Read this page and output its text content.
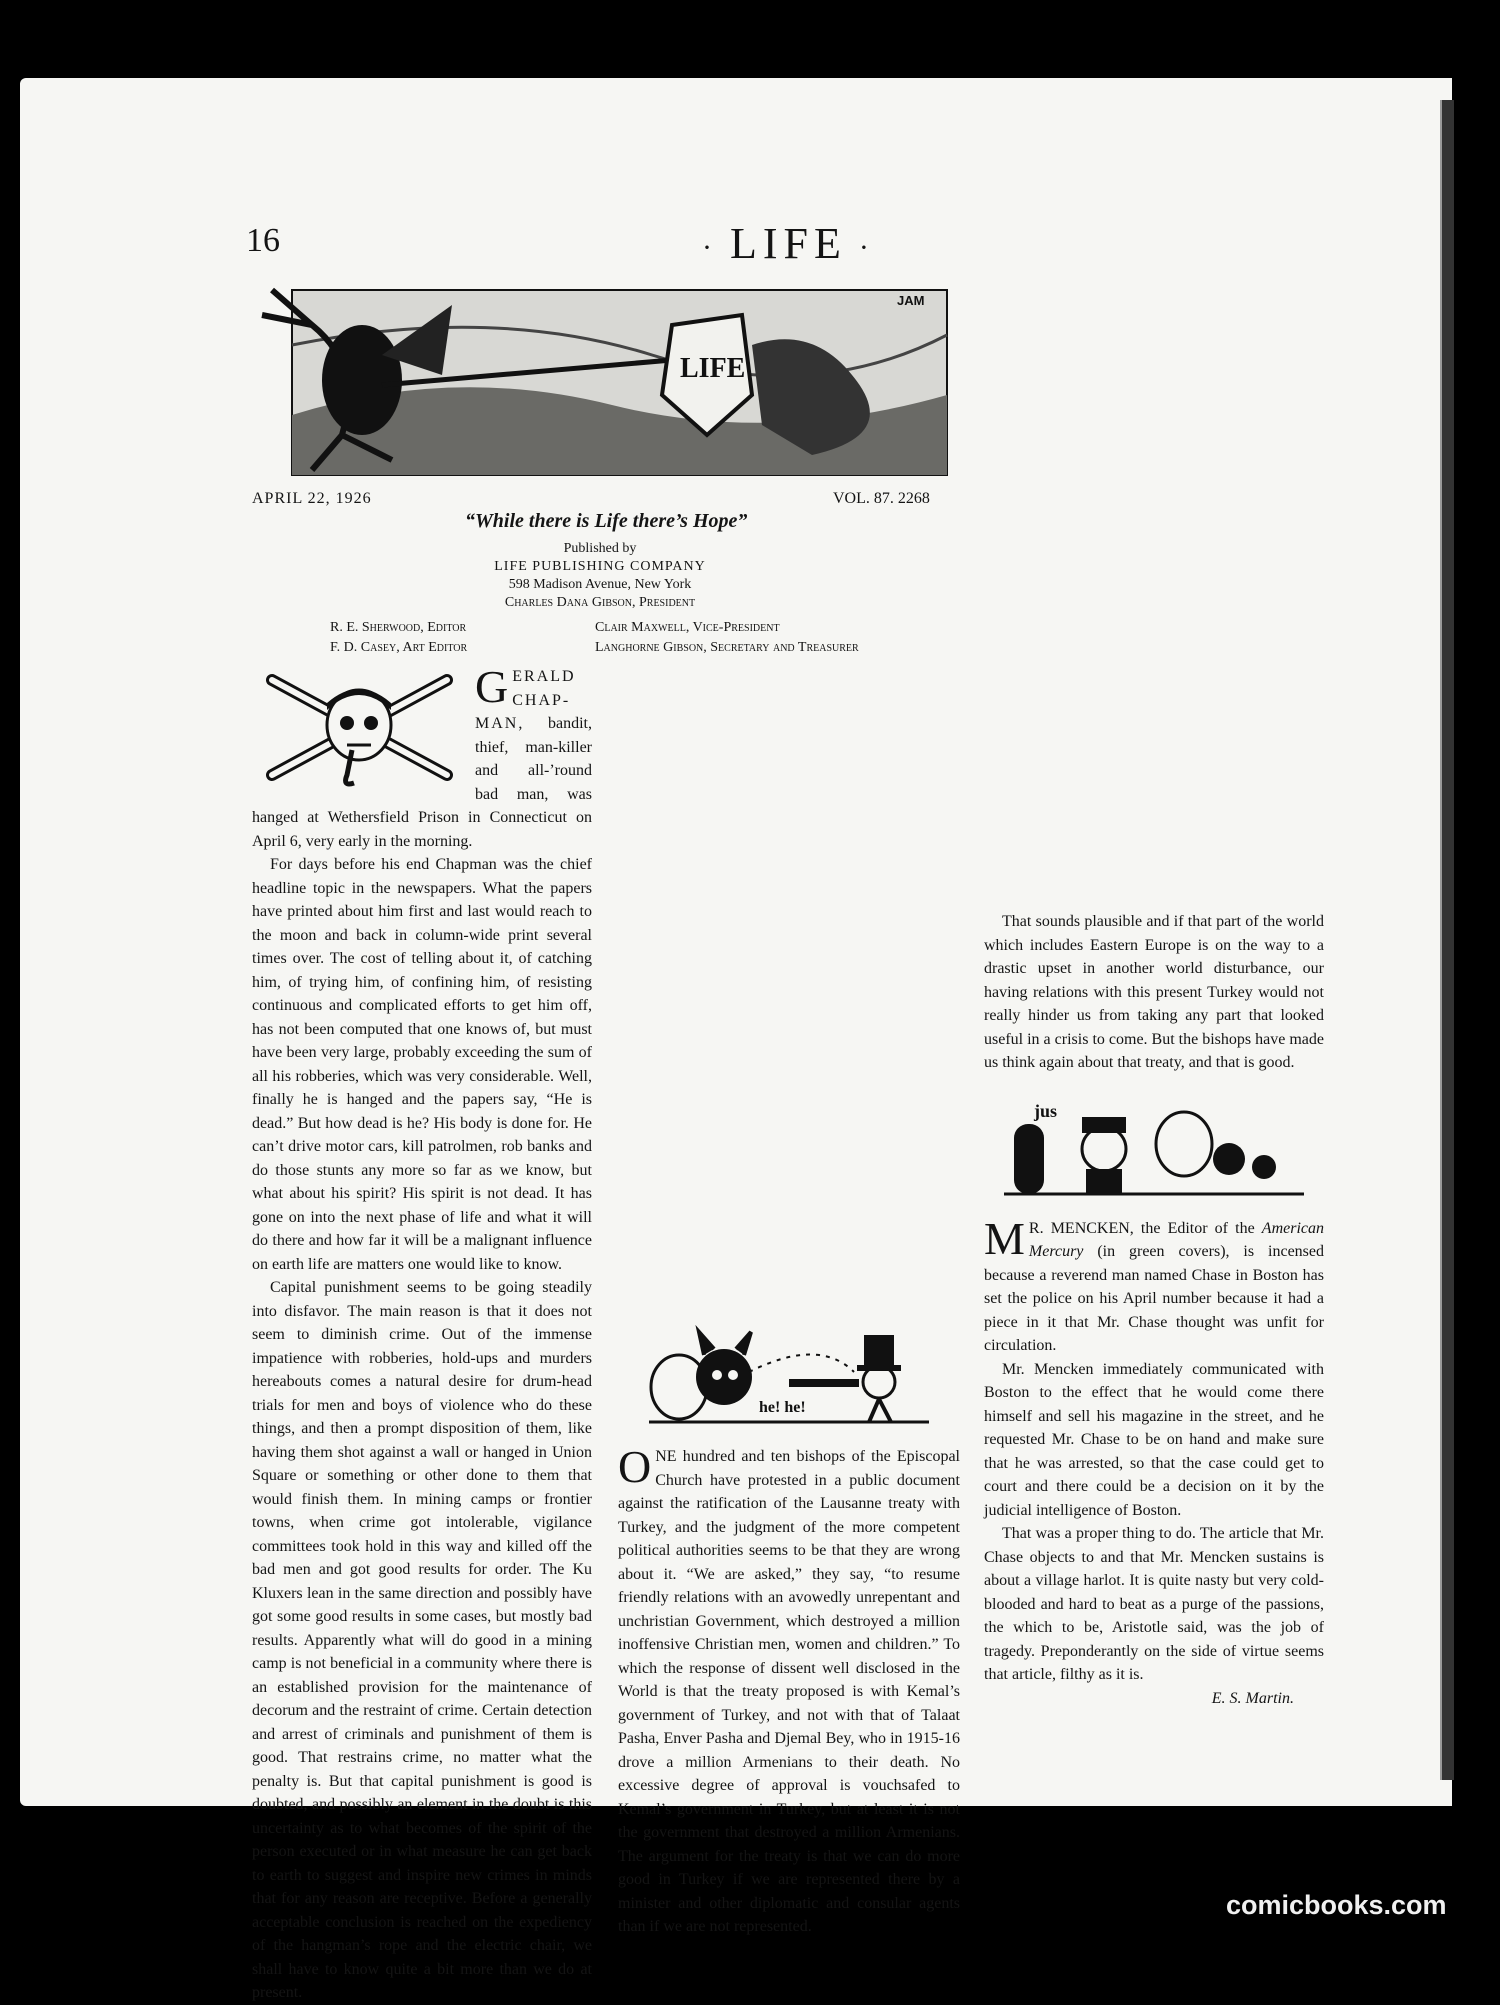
16	· LIFE ·
LIFE
JAM
APRIL 22, 1926	VOL. 87. 2268
“While there is Life there’s Hope”
Published by
LIFE PUBLISHING COMPANY
598 Madison Avenue, New York
Charles Dana Gibson, President
R. E. Sherwood, Editor
F. D. Casey, Art Editor
Clair Maxwell, Vice-President
Langhorne Gibson, Secretary and Treasurer

GERALD CHAP-MAN, bandit, thief, man-killer and all-’round bad man, was hanged at Wethersfield Prison in Connecticut on April 6, very early in the morning.

For days before his end Chapman was the chief headline topic in the newspapers. What the papers have printed about him first and last would reach to the moon and back in column-wide print several times over. The cost of telling about it, of catching him, of trying him, of confining him, of resisting continuous and complicated efforts to get him off, has not been computed that one knows of, but must have been very large, probably exceeding the sum of all his robberies, which was very considerable. Well, finally he is hanged and the papers say, “He is dead.” But how dead is he? His body is done for. He can’t drive motor cars, kill patrolmen, rob banks and do those stunts any more so far as we know, but what about his spirit? His spirit is not dead. It has gone on into the next phase of life and what it will do there and how far it will be a malignant influence on earth life are matters one would like to know.

Capital punishment seems to be going steadily into disfavor. The main reason is that it does not seem to diminish crime. Out of the immense impatience with robberies, hold-ups and murders hereabouts comes a natural desire for drum-head trials for men and boys of violence who do these things, and then a prompt disposition of them, like having them shot against a wall or hanged in Union Square or something or other done to them that would finish them. In mining camps or frontier towns, when crime got intolerable, vigilance committees took hold in this way and killed off the bad men and got good results for order. The Ku Kluxers lean in the same direction and possibly have got some good results in some cases, but mostly bad results. Apparently what will do good in a mining camp is not beneficial in a community where there is an established provision for the maintenance of decorum and the restraint of crime. Certain detection and arrest of criminals and punishment of them is good. That restrains crime, no matter what the penalty is. But that capital punishment is good is doubted, and possibly an element in the doubt is this uncertainty as to what becomes of the spirit of the person executed or in what measure he can get back to earth to suggest and inspire new crimes in minds that for any reason are receptive. Before a generally acceptable conclusion is reached on the expediency of the hangman’s rope and the electric chair, we shall have to know quite a bit more than we do at present.

he! he!

ONE hundred and ten bishops of the Episcopal Church have protested in a public document against the ratification of the Lausanne treaty with Turkey, and the judgment of the more competent political authorities seems to be that they are wrong about it. “We are asked,” they say, “to resume friendly relations with an avowedly unrepentant and unchristian Government, which destroyed a million inoffensive Christian men, women and children.” To which the response of dissent well disclosed in the World is that the treaty proposed is with Kemal’s government of Turkey, and not with that of Talaat Pasha, Enver Pasha and Djemal Bey, who in 1915-16 drove a million Armenians to their death. No excessive degree of approval is vouchsafed to Kemal’s government in Turkey, but at least it is not the government that destroyed a million Armenians. The argument for the treaty is that we can do more good in Turkey if we are represented there by a minister and other diplomatic and consular agents than if we are not represented.

That sounds plausible and if that part of the world which includes Eastern Europe is on the way to a drastic upset in another world disturbance, our having relations with this present Turkey would not really hinder us from taking any part that looked useful in a crisis to come. But the bishops have made us think again about that treaty, and that is good.

jus

M R. MENCKEN, the Editor of the American Mercury (in green covers), is incensed because a reverend man named Chase in Boston has set the police on his April number because it had a piece in it that Mr. Chase thought was unfit for circulation.

Mr. Mencken immediately communicated with Boston to the effect that he would come there himself and sell his magazine in the street, and he requested Mr. Chase to be on hand and make sure that he was arrested, so that the case could get to court and there could be a decision on it by the judicial intelligence of Boston.

That was a proper thing to do. The article that Mr. Chase objects to and that Mr. Mencken sustains is about a village harlot. It is quite nasty but very cold-blooded and hard to beat as a purge of the passions, the which to be, Aristotle said, was the job of tragedy. Preponderantly on the side of virtue seems that article, filthy as it is.

E. S. Martin.

comicbooks.com
